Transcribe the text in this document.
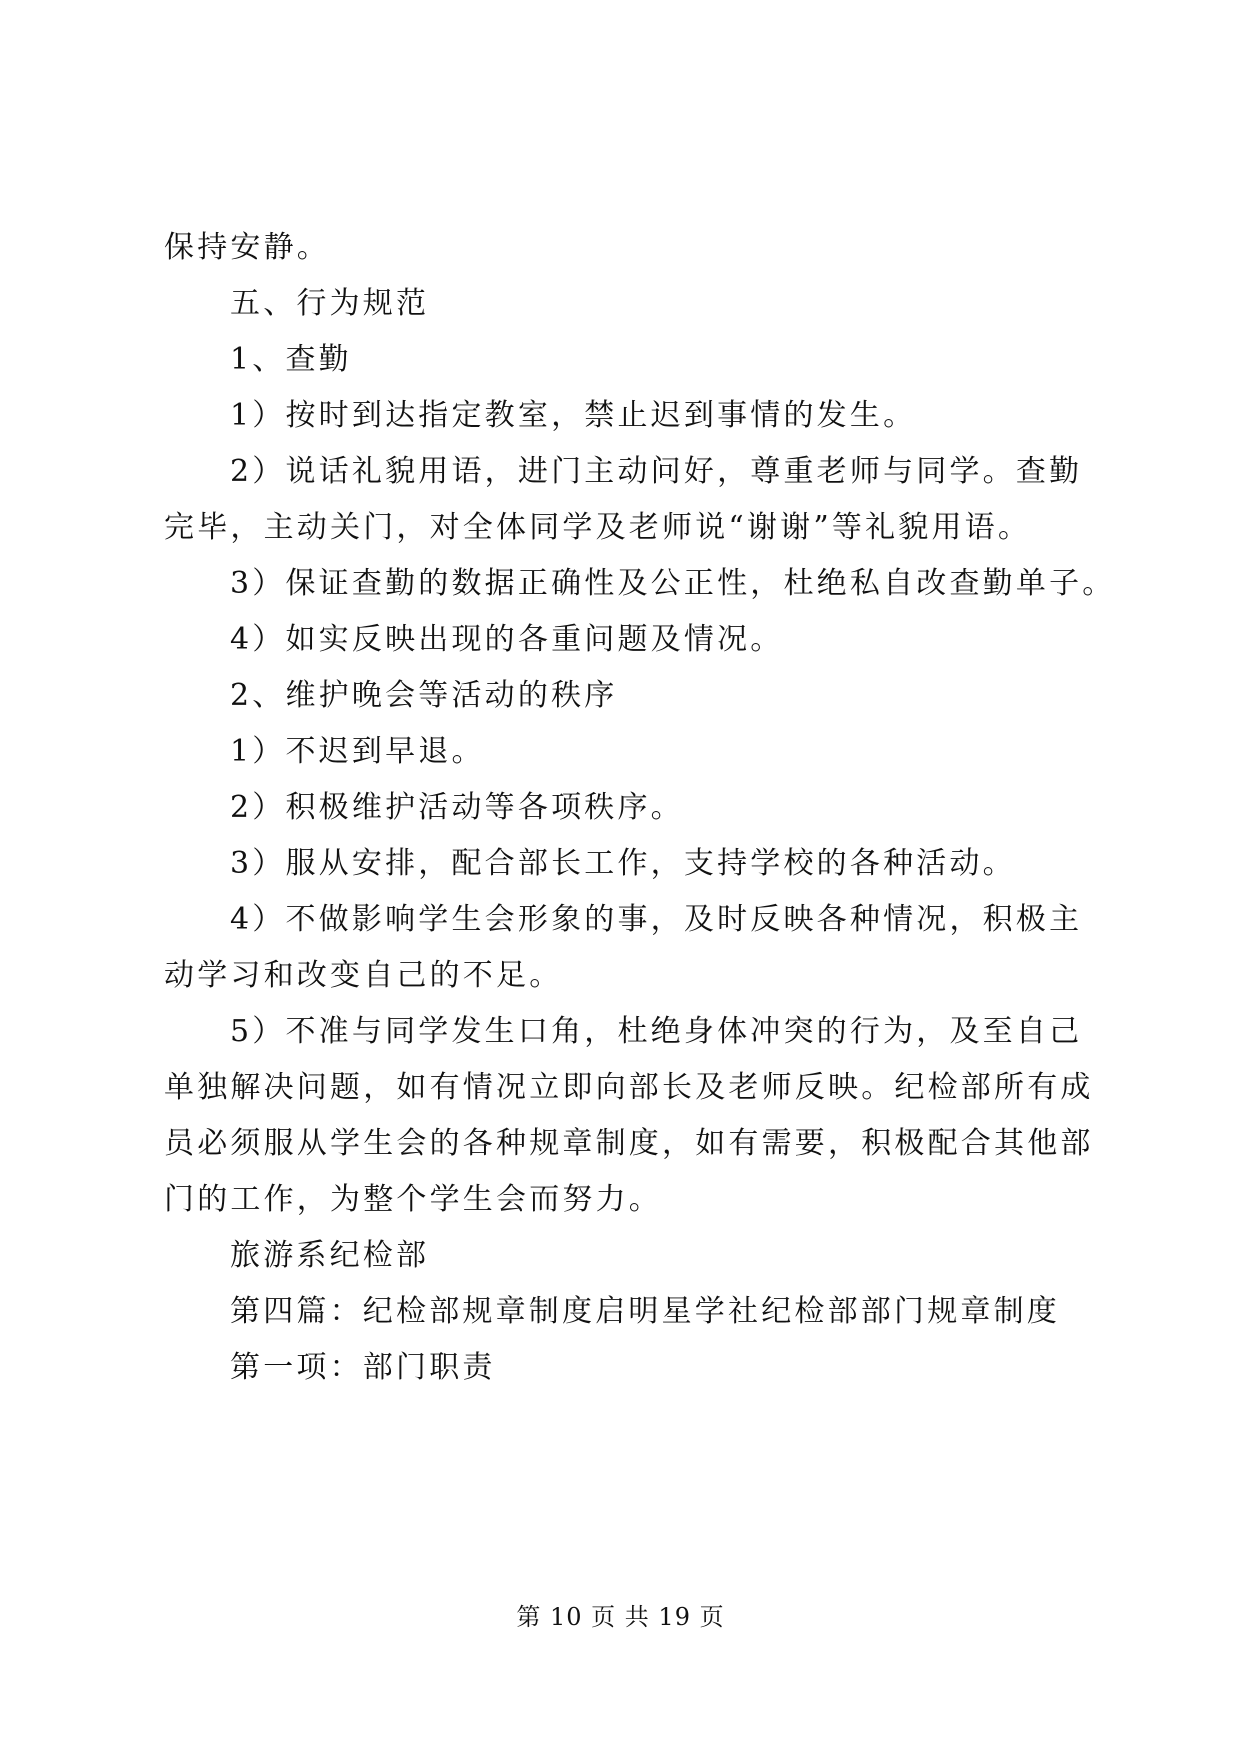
保持安静。
五、行为规范
1、查勤
1）按时到达指定教室，禁止迟到事情的发生。
2）说话礼貌用语，进门主动问好，尊重老师与同学。查勤
完毕，主动关门，对全体同学及老师说“谢谢”等礼貌用语。
3）保证查勤的数据正确性及公正性，杜绝私自改查勤单子。
4）如实反映出现的各重问题及情况。
2、维护晚会等活动的秩序
1）不迟到早退。
2）积极维护活动等各项秩序。
3）服从安排，配合部长工作，支持学校的各种活动。
4）不做影响学生会形象的事，及时反映各种情况，积极主
动学习和改变自己的不足。
5）不准与同学发生口角，杜绝身体冲突的行为，及至自己
单独解决问题，如有情况立即向部长及老师反映。纪检部所有成
员必须服从学生会的各种规章制度，如有需要，积极配合其他部
门的工作，为整个学生会而努力。
旅游系纪检部
第四篇：纪检部规章制度启明星学社纪检部部门规章制度
第一项：部门职责
第 10 页 共 19 页
